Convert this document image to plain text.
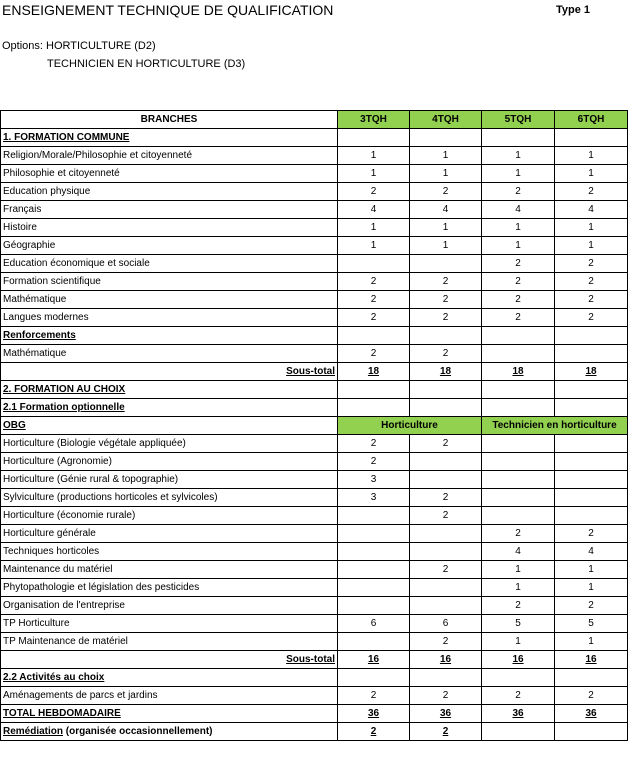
ENSEIGNEMENT TECHNIQUE DE QUALIFICATION	Type 1
Options: HORTICULTURE (D2)
TECHNICIEN EN HORTICULTURE (D3)
BRANCHES	3TQH	4TQH	5TQH	6TQH
1. FORMATION COMMUNE				
Religion/Morale/Philosophie et citoyenneté	1	1	1	1
Philosophie et citoyenneté	1	1	1	1
Education physique	2	2	2	2
Français	4	4	4	4
Histoire	1	1	1	1
Géographie	1	1	1	1
Education économique et sociale			2	2
Formation scientifique	2	2	2	2
Mathématique	2	2	2	2
Langues modernes	2	2	2	2
Renforcements				
Mathématique	2	2		
Sous-total	18	18	18	18
2. FORMATION AU CHOIX				
2.1 Formation optionnelle				
OBG	Horticulture		Technicien en horticulture	
Horticulture (Biologie végétale appliquée)	2	2		
Horticulture (Agronomie)	2			
Horticulture (Génie rural & topographie)	3			
Sylviculture (productions horticoles et sylvicoles)	3	2		
Horticulture (économie rurale)		2		
Horticulture générale			2	2
Techniques horticoles			4	4
Maintenance du matériel		2	1	1
Phytopathologie et législation des pesticides			1	1
Organisation de l'entreprise			2	2
TP Horticulture	6	6	5	5
TP Maintenance de matériel		2	1	1
Sous-total	16	16	16	16
2.2 Activités au choix				
Aménagements de parcs et jardins	2	2	2	2
TOTAL HEBDOMADAIRE	36	36	36	36
Remédiation (organisée occasionnellement)	2	2		
